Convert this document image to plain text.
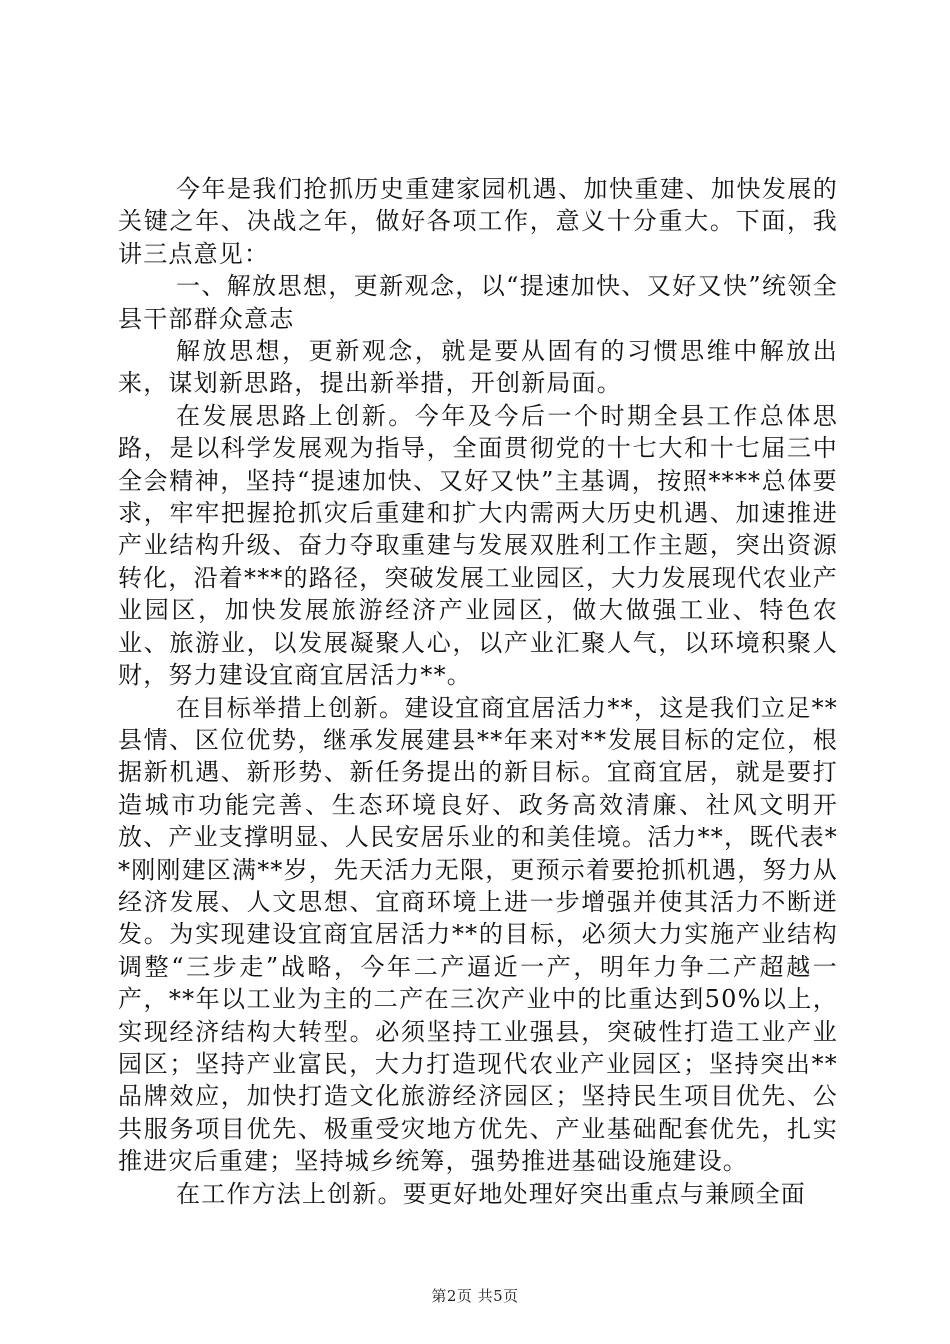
今年是我们抢抓历史重建家园机遇、加快重建、加快发展的关键之年、决战之年，做好各项工作，意义十分重大。下面，我讲三点意见：

一、解放思想，更新观念，以“提速加快、又好又快”统领全县干部群众意志

解放思想，更新观念，就是要从固有的习惯思维中解放出来，谋划新思路，提出新举措，开创新局面。

在发展思路上创新。今年及今后一个时期全县工作总体思路，是以科学发展观为指导，全面贯彻党的十七大和十七届三中全会精神，坚持“提速加快、又好又快”主基调，按照****总体要求，牢牢把握抢抓灾后重建和扩大内需两大历史机遇、加速推进产业结构升级、奋力夺取重建与发展双胜利工作主题，突出资源转化，沿着***的路径，突破发展工业园区，大力发展现代农业产业园区，加快发展旅游经济产业园区，做大做强工业、特色农业、旅游业，以发展凝聚人心，以产业汇聚人气，以环境积聚人财，努力建设宜商宜居活力**。

在目标举措上创新。建设宜商宜居活力**，这是我们立足**县情、区位优势，继承发展建县**年来对**发展目标的定位，根据新机遇、新形势、新任务提出的新目标。宜商宜居，就是要打造城市功能完善、生态环境良好、政务高效清廉、社风文明开放、产业支撑明显、人民安居乐业的和美佳境。活力**，既代表**刚刚建区满**岁，先天活力无限，更预示着要抢抓机遇，努力从经济发展、人文思想、宜商环境上进一步增强并使其活力不断迸发。为实现建设宜商宜居活力**的目标，必须大力实施产业结构调整“三步走”战略，今年二产逼近一产，明年力争二产超越一产，**年以工业为主的二产在三次产业中的比重达到50%以上，实现经济结构大转型。必须坚持工业强县，突破性打造工业产业园区；坚持产业富民，大力打造现代农业产业园区；坚持突出**品牌效应，加快打造文化旅游经济园区；坚持民生项目优先、公共服务项目优先、极重受灾地方优先、产业基础配套优先，扎实推进灾后重建；坚持城乡统筹，强势推进基础设施建设。

在工作方法上创新。要更好地处理好突出重点与兼顾全面

第2页 共5页
